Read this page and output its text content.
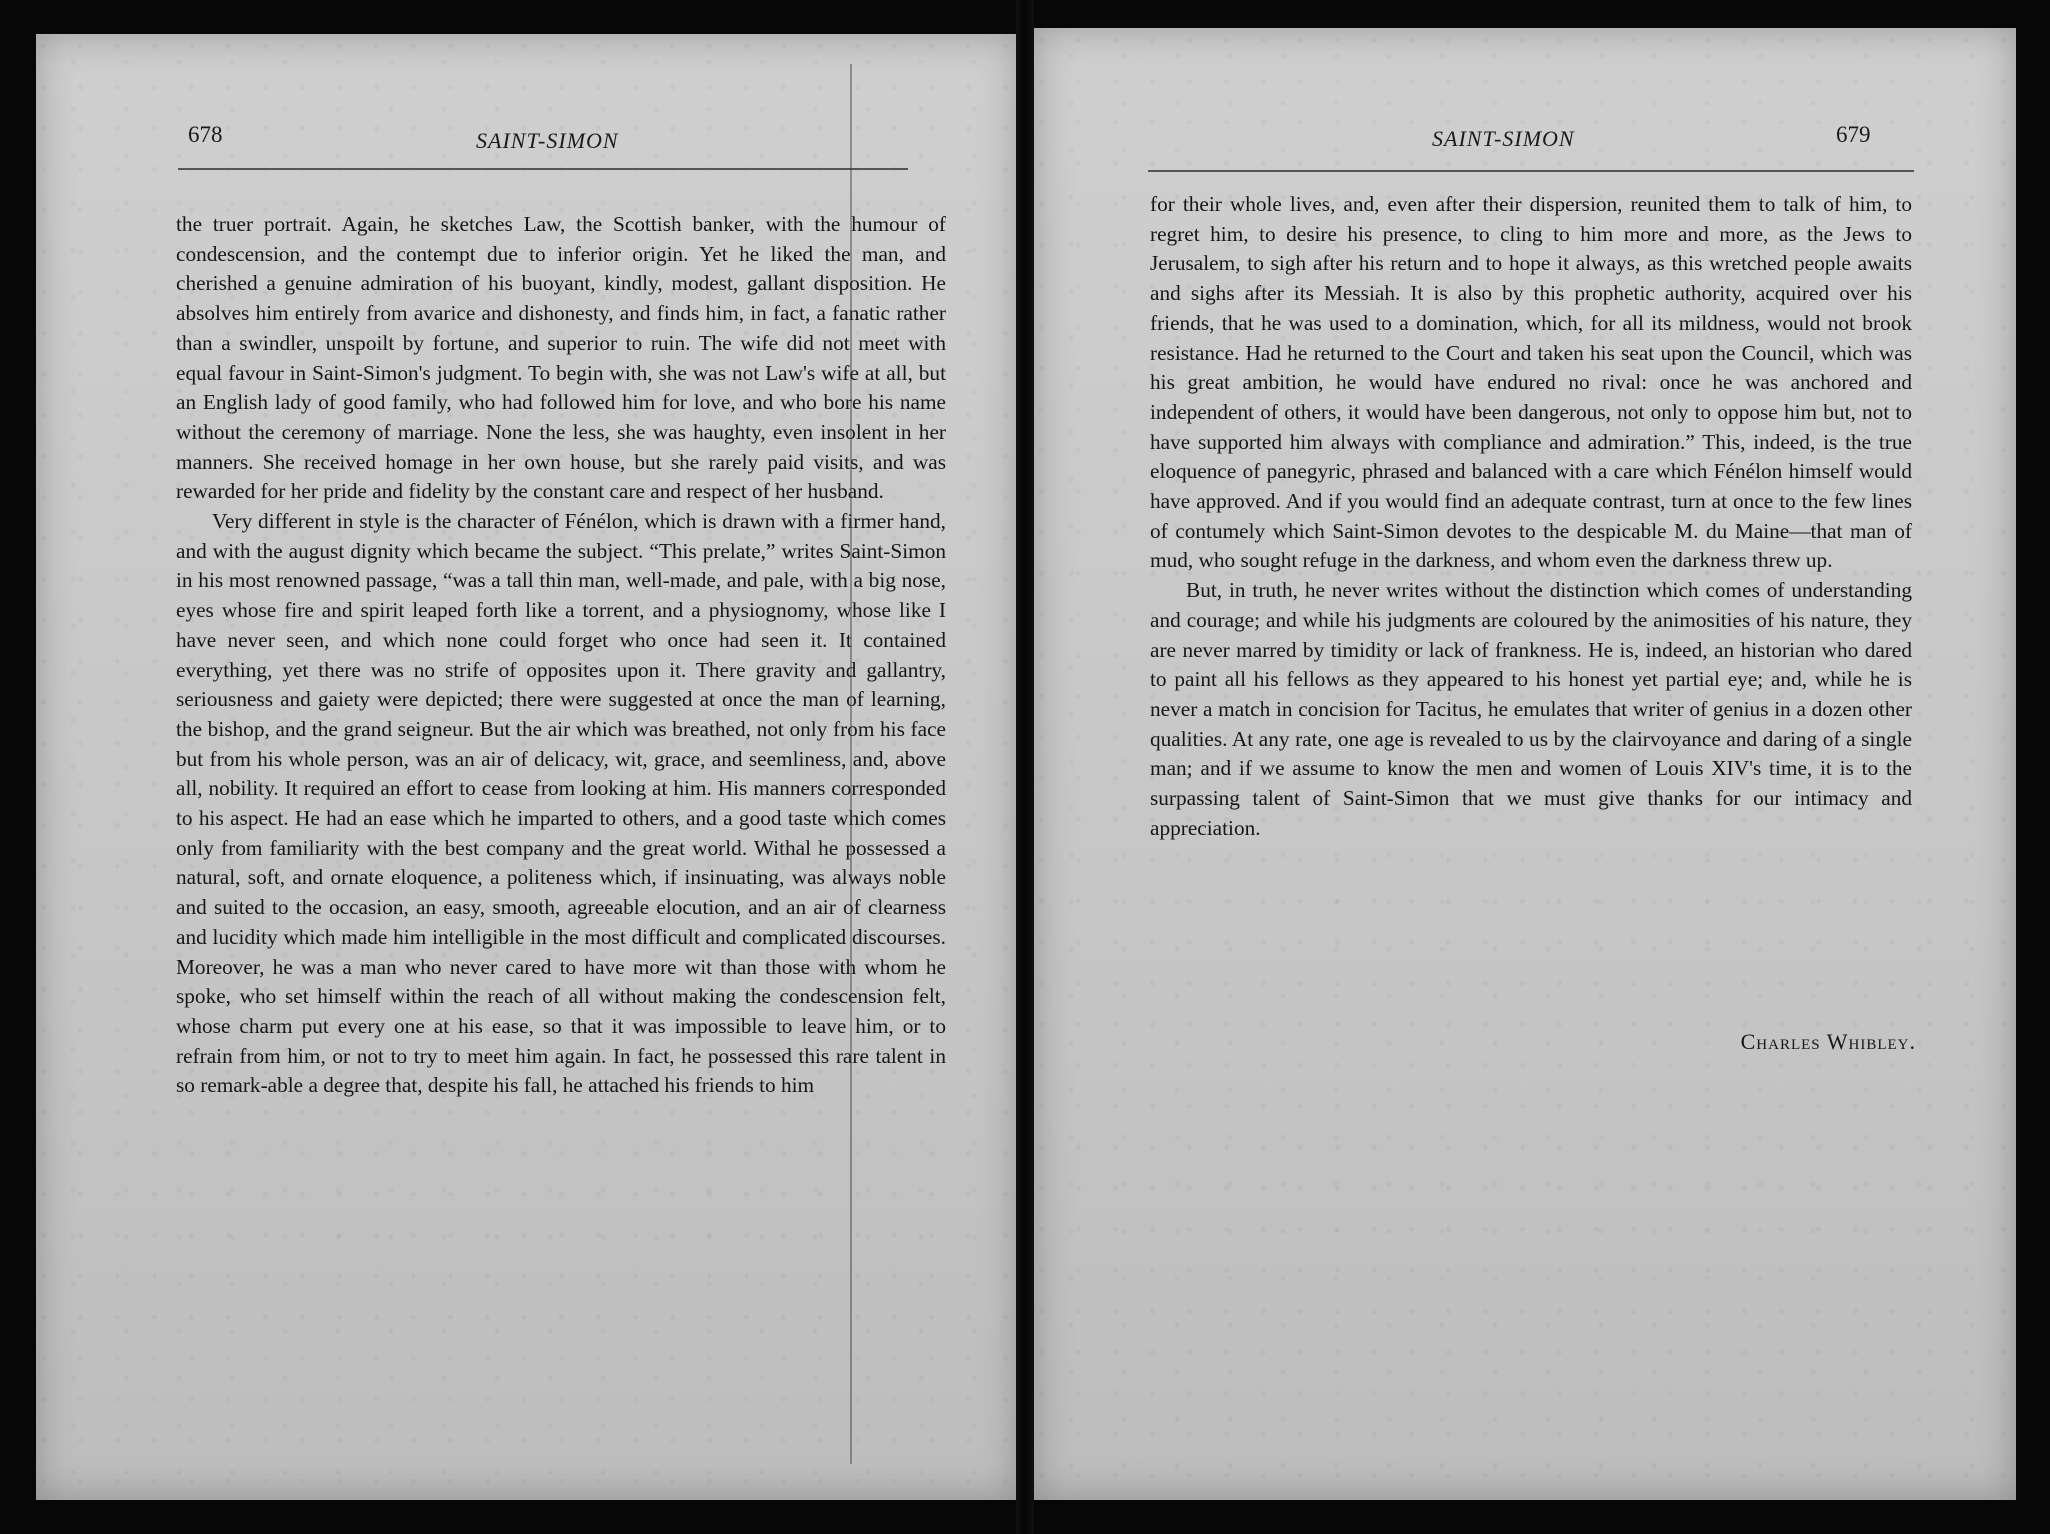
678	SAINT-SIMON

the truer portrait. Again, he sketches Law, the Scottish banker, with the humour of condescension, and the contempt due to inferior origin. Yet he liked the man, and cherished a genuine admiration of his buoyant, kindly, modest, gallant disposition. He absolves him entirely from avarice and dishonesty, and finds him, in fact, a fanatic rather than a swindler, unspoilt by fortune, and superior to ruin. The wife did not meet with equal favour in Saint-Simon's judgment. To begin with, she was not Law's wife at all, but an English lady of good family, who had followed him for love, and who bore his name without the ceremony of marriage. None the less, she was haughty, even insolent in her manners. She received homage in her own house, but she rarely paid visits, and was rewarded for her pride and fidelity by the constant care and respect of her husband.

Very different in style is the character of Fénélon, which is drawn with a firmer hand, and with the august dignity which became the subject. “This prelate,” writes Saint-Simon in his most renowned passage, “was a tall thin man, well-made, and pale, with a big nose, eyes whose fire and spirit leaped forth like a torrent, and a physiognomy, whose like I have never seen, and which none could forget who once had seen it. It contained everything, yet there was no strife of opposites upon it. There gravity and gallantry, seriousness and gaiety were depicted; there were suggested at once the man of learning, the bishop, and the grand seigneur. But the air which was breathed, not only from his face but from his whole person, was an air of delicacy, wit, grace, and seemliness, and, above all, nobility. It required an effort to cease from looking at him. His manners corresponded to his aspect. He had an ease which he imparted to others, and a good taste which comes only from familiarity with the best company and the great world. Withal he possessed a natural, soft, and ornate eloquence, a politeness which, if insinuating, was always noble and suited to the occasion, an easy, smooth, agreeable elocution, and an air of clearness and lucidity which made him intelligible in the most difficult and complicated discourses. Moreover, he was a man who never cared to have more wit than those with whom he spoke, who set himself within the reach of all without making the condescension felt, whose charm put every one at his ease, so that it was impossible to leave him, or to refrain from him, or not to try to meet him again. In fact, he possessed this rare talent in so remark-able a degree that, despite his fall, he attached his friends to him

SAINT-SIMON	679

for their whole lives, and, even after their dispersion, reunited them to talk of him, to regret him, to desire his presence, to cling to him more and more, as the Jews to Jerusalem, to sigh after his return and to hope it always, as this wretched people awaits and sighs after its Messiah. It is also by this prophetic authority, acquired over his friends, that he was used to a domination, which, for all its mildness, would not brook resistance. Had he returned to the Court and taken his seat upon the Council, which was his great ambition, he would have endured no rival: once he was anchored and independent of others, it would have been dangerous, not only to oppose him but, not to have supported him always with compliance and admiration.” This, indeed, is the true eloquence of panegyric, phrased and balanced with a care which Fénélon himself would have approved. And if you would find an adequate contrast, turn at once to the few lines of contumely which Saint-Simon devotes to the despicable M. du Maine—that man of mud, who sought refuge in the darkness, and whom even the darkness threw up.

But, in truth, he never writes without the distinction which comes of understanding and courage; and while his judgments are coloured by the animosities of his nature, they are never marred by timidity or lack of frankness. He is, indeed, an historian who dared to paint all his fellows as they appeared to his honest yet partial eye; and, while he is never a match in concision for Tacitus, he emulates that writer of genius in a dozen other qualities. At any rate, one age is revealed to us by the clairvoyance and daring of a single man; and if we assume to know the men and women of Louis XIV's time, it is to the surpassing talent of Saint-Simon that we must give thanks for our intimacy and appreciation.

Charles Whibley.
